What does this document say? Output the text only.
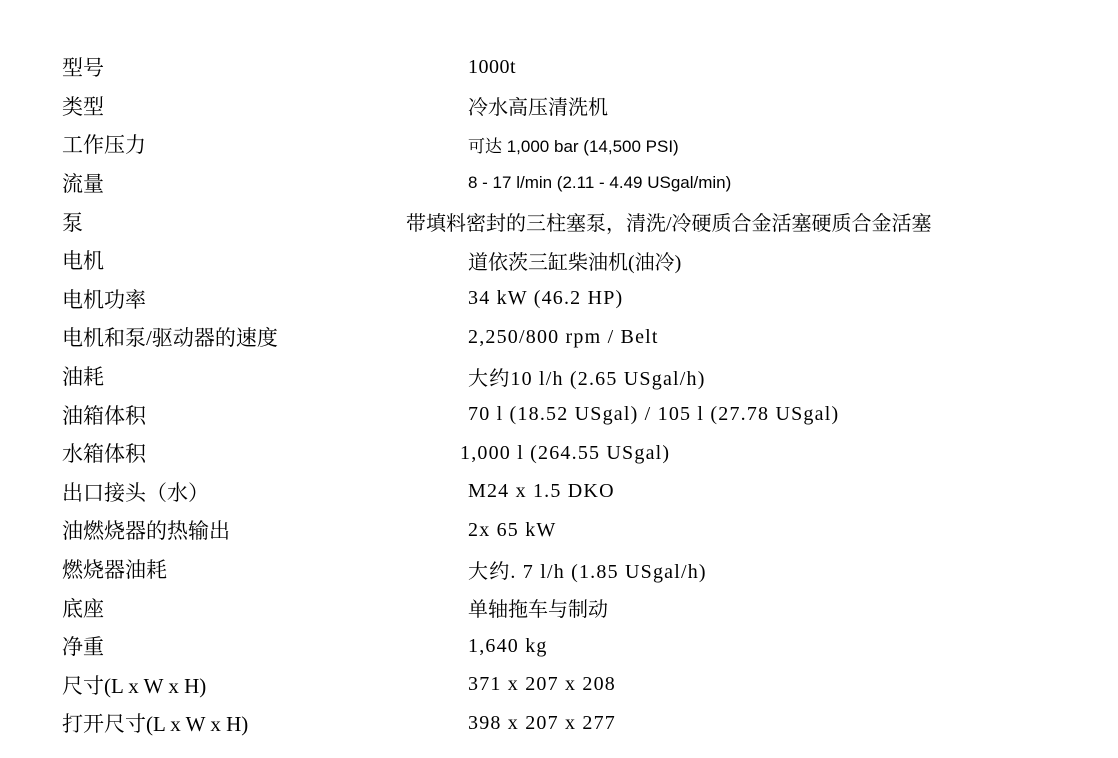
型号	1000t
类型	冷水高压清洗机
工作压力	可达 1,000 bar (14,500 PSI)
流量	8 - 17 l/min (2.11 - 4.49 USgal/min)
泵	带填料密封的三柱塞泵，清洗/冷硬质合金活塞硬质合金活塞
电机	道依茨三缸柴油机(油冷)
电机功率	34 kW (46.2 HP)
电机和泵/驱动器的速度	2,250/800 rpm / Belt
油耗	大约10 l/h (2.65 USgal/h)
油箱体积	70 l (18.52 USgal) / 105 l (27.78 USgal)
水箱体积	1,000 l (264.55 USgal)
出口接头（水）	M24 x 1.5 DKO
油燃烧器的热输出	2x 65 kW
燃烧器油耗	大约. 7 l/h (1.85 USgal/h)
底座	单轴拖车与制动
净重	1,640 kg
尺寸(L x W x H)	371 x 207 x 208
打开尺寸(L x W x H)	398 x 207 x 277
